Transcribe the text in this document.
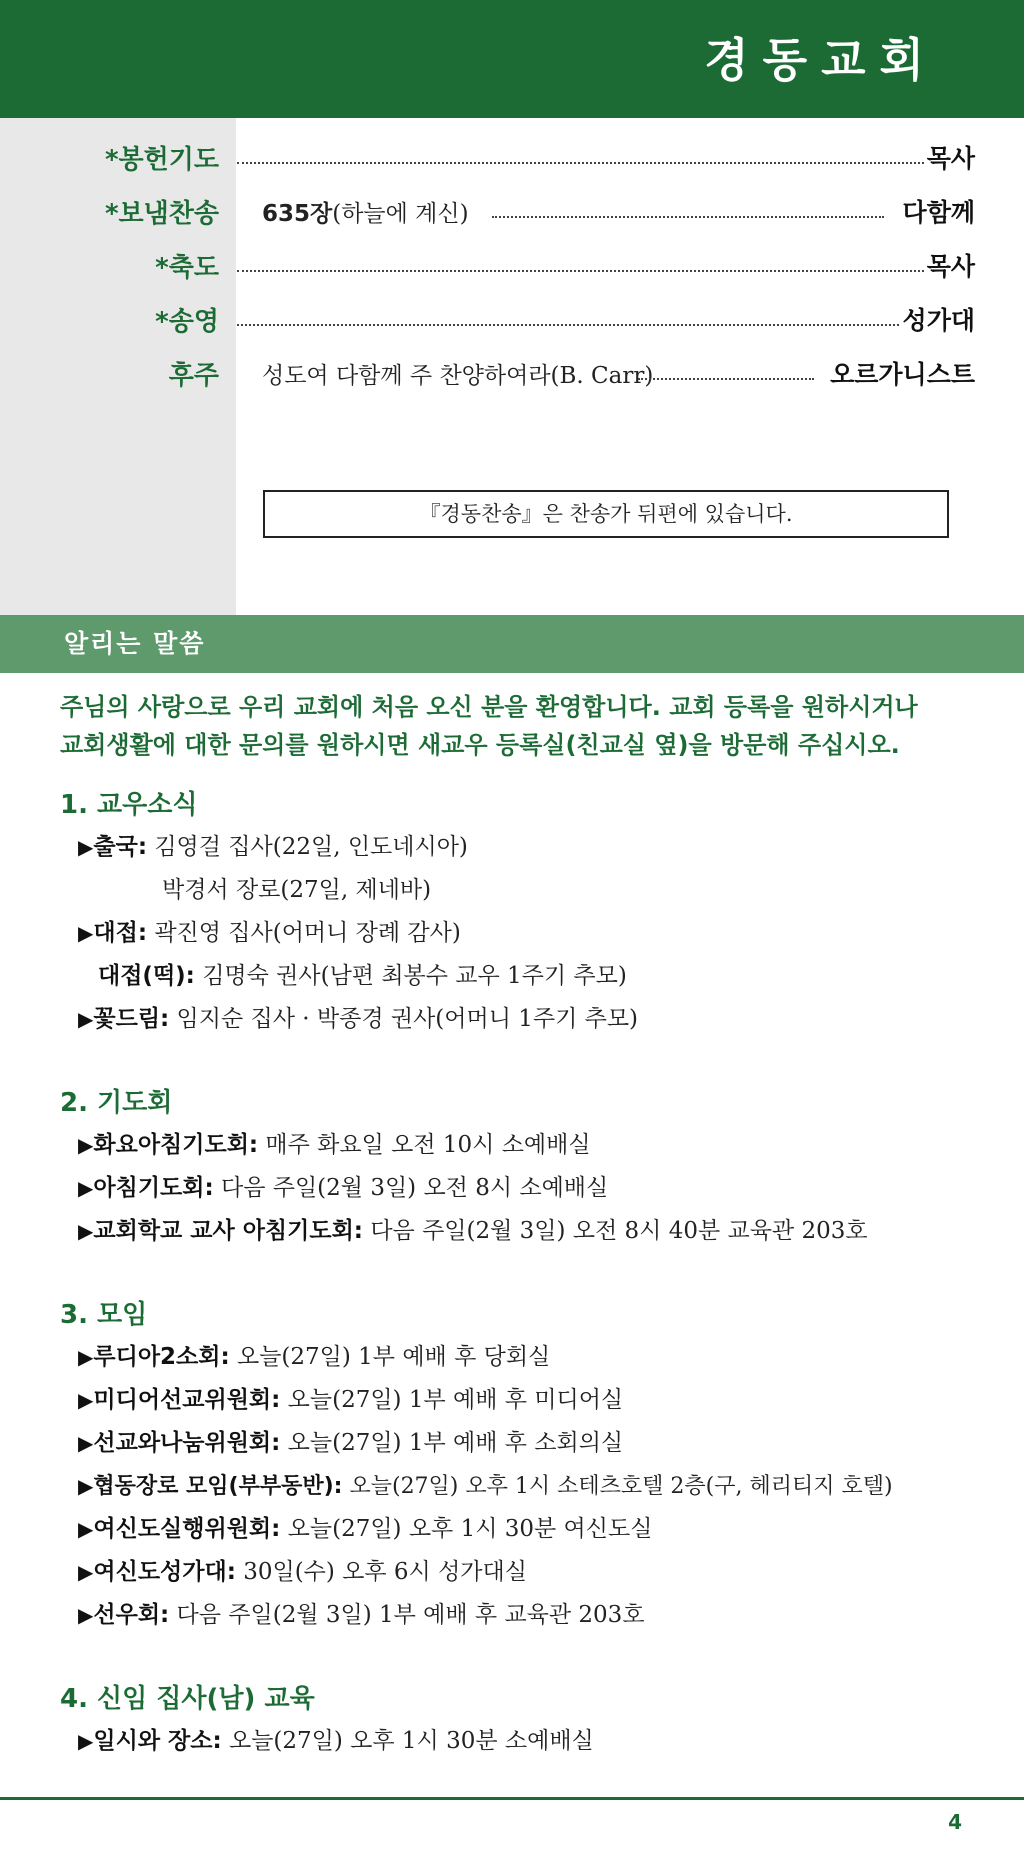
경동교회
*봉헌기도	목사
*보냄찬송 635장(하늘에 계신)	다함께
*축도	목사
*송영	성가대
후주 성도여 다함께 주 찬양하여라(B. Carr)	오르가니스트
『경동찬송』은 찬송가 뒤편에 있습니다.
알리는 말씀
주님의 사랑으로 우리 교회에 처음 오신 분을 환영합니다. 교회 등록을 원하시거나
교회생활에 대한 문의를 원하시면 새교우 등록실(친교실 옆)을 방문해 주십시오.
1. 교우소식
▶출국: 김영걸 집사(22일, 인도네시아)
박경서 장로(27일, 제네바)
▶대접: 곽진영 집사(어머니 장례 감사)
대접(떡): 김명숙 권사(남편 최봉수 교우 1주기 추모)
▶꽃드림: 임지순 집사 · 박종경 권사(어머니 1주기 추모)
2. 기도회
▶화요아침기도회: 매주 화요일 오전 10시 소예배실
▶아침기도회: 다음 주일(2월 3일) 오전 8시 소예배실
▶교회학교 교사 아침기도회: 다음 주일(2월 3일) 오전 8시 40분 교육관 203호
3. 모임
▶루디아2소회: 오늘(27일) 1부 예배 후 당회실
▶미디어선교위원회: 오늘(27일) 1부 예배 후 미디어실
▶선교와나눔위원회: 오늘(27일) 1부 예배 후 소회의실
▶협동장로 모임(부부동반): 오늘(27일) 오후 1시 소테츠호텔 2층(구, 헤리티지 호텔)
▶여신도실행위원회: 오늘(27일) 오후 1시 30분 여신도실
▶여신도성가대: 30일(수) 오후 6시 성가대실
▶선우회: 다음 주일(2월 3일) 1부 예배 후 교육관 203호
4. 신임 집사(남) 교육
▶일시와 장소: 오늘(27일) 오후 1시 30분 소예배실
4
